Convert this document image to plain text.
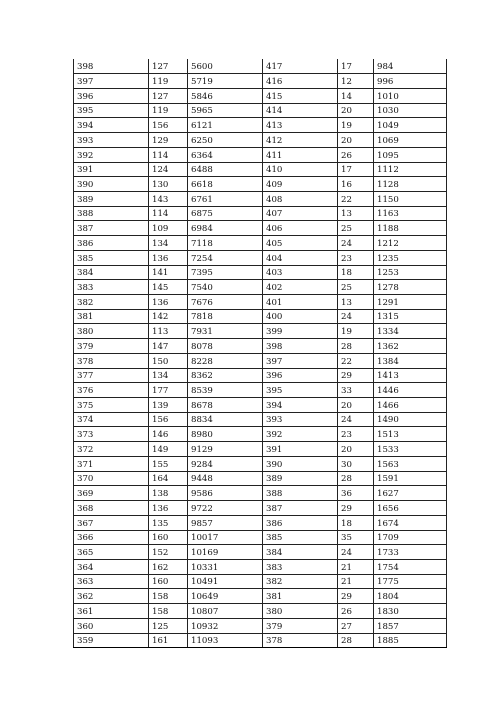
398	127	5600	417	17	984
397	119	5719	416	12	996
396	127	5846	415	14	1010
395	119	5965	414	20	1030
394	156	6121	413	19	1049
393	129	6250	412	20	1069
392	114	6364	411	26	1095
391	124	6488	410	17	1112
390	130	6618	409	16	1128
389	143	6761	408	22	1150
388	114	6875	407	13	1163
387	109	6984	406	25	1188
386	134	7118	405	24	1212
385	136	7254	404	23	1235
384	141	7395	403	18	1253
383	145	7540	402	25	1278
382	136	7676	401	13	1291
381	142	7818	400	24	1315
380	113	7931	399	19	1334
379	147	8078	398	28	1362
378	150	8228	397	22	1384
377	134	8362	396	29	1413
376	177	8539	395	33	1446
375	139	8678	394	20	1466
374	156	8834	393	24	1490
373	146	8980	392	23	1513
372	149	9129	391	20	1533
371	155	9284	390	30	1563
370	164	9448	389	28	1591
369	138	9586	388	36	1627
368	136	9722	387	29	1656
367	135	9857	386	18	1674
366	160	10017	385	35	1709
365	152	10169	384	24	1733
364	162	10331	383	21	1754
363	160	10491	382	21	1775
362	158	10649	381	29	1804
361	158	10807	380	26	1830
360	125	10932	379	27	1857
359	161	11093	378	28	1885
